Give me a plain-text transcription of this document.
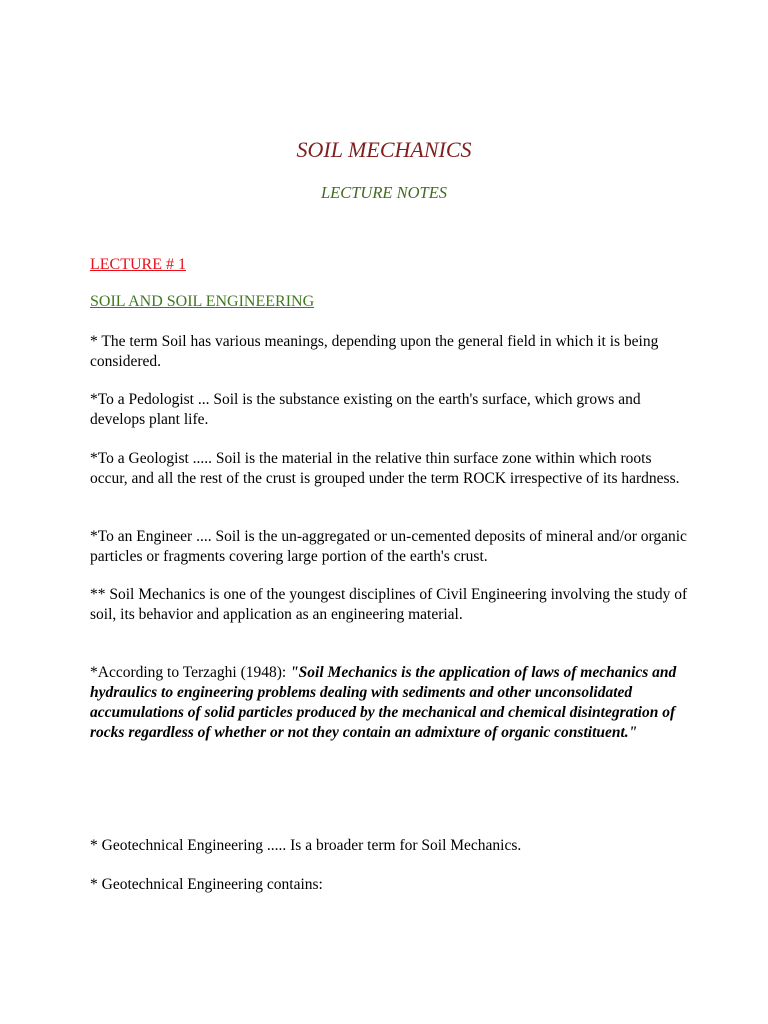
SOIL MECHANICS
LECTURE NOTES
LECTURE # 1
SOIL AND SOIL ENGINEERING

* The term Soil has various meanings, depending upon the general field in which it is being considered.

*To a Pedologist ... Soil is the substance existing on the earth's surface, which grows and develops plant life.

*To a Geologist ..... Soil is the material in the relative thin surface zone within which roots occur, and all the rest of the crust is grouped under the term ROCK irrespective of its hardness.

*To an Engineer .... Soil is the un-aggregated or un-cemented deposits of mineral and/or organic particles or fragments covering large portion of the earth's crust.

** Soil Mechanics is one of the youngest disciplines of Civil Engineering involving the study of soil, its behavior and application as an engineering material.

*According to Terzaghi (1948): "Soil Mechanics is the application of laws of mechanics and hydraulics to engineering problems dealing with sediments and other unconsolidated accumulations of solid particles produced by the mechanical and chemical disintegration of rocks regardless of whether or not they contain an admixture of organic constituent."

* Geotechnical Engineering ..... Is a broader term for Soil Mechanics.

* Geotechnical Engineering contains:
